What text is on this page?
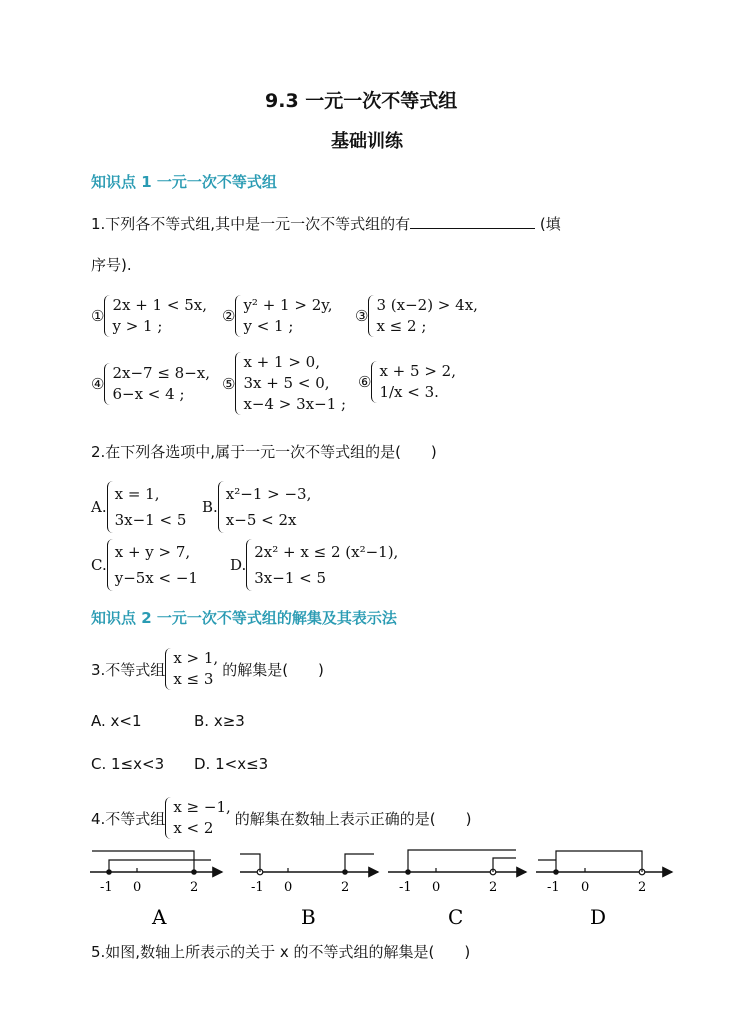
9.3 一元一次不等式组
基础训练
知识点 1 一元一次不等式组
1.下列各不等式组,其中是一元一次不等式组的有	(填
序号).
①
2x + 1 < 5x,
y > 1 ;
②
y² + 1 > 2y,
y < 1 ;
③
3 (x−2) > 4x,
x ≤ 2 ;
④
2x−7 ≤ 8−x,
6−x < 4 ;
⑤
x + 1 > 0,
3x + 5 < 0,
x−4 > 3x−1 ;
⑥
x + 5 > 2,
1/x < 3.
2.在下列各选项中,属于一元一次不等式组的是(　　)
A.
x = 1,
3x−1 < 5
B.
x²−1 > −3,
x−5 < 2x
C.
x + y > 7,
y−5x < −1
D.
2x² + x ≤ 2 (x²−1),
3x−1 < 5
知识点 2 一元一次不等式组的解集及其表示法
3.不等式组
x > 1,
x ≤ 3
的解集是(　　)
A. x<1	B. x≥3
C. 1≤x<3 D. 1<x≤3
4.不等式组
x ≥ −1,
x < 2
的解集在数轴上表示正确的是(　　)
-1 0	2
A
-1 0	2
B
-1 0	2
C
-1 0	2
D
5.如图,数轴上所表示的关于 x 的不等式组的解集是(　　)
